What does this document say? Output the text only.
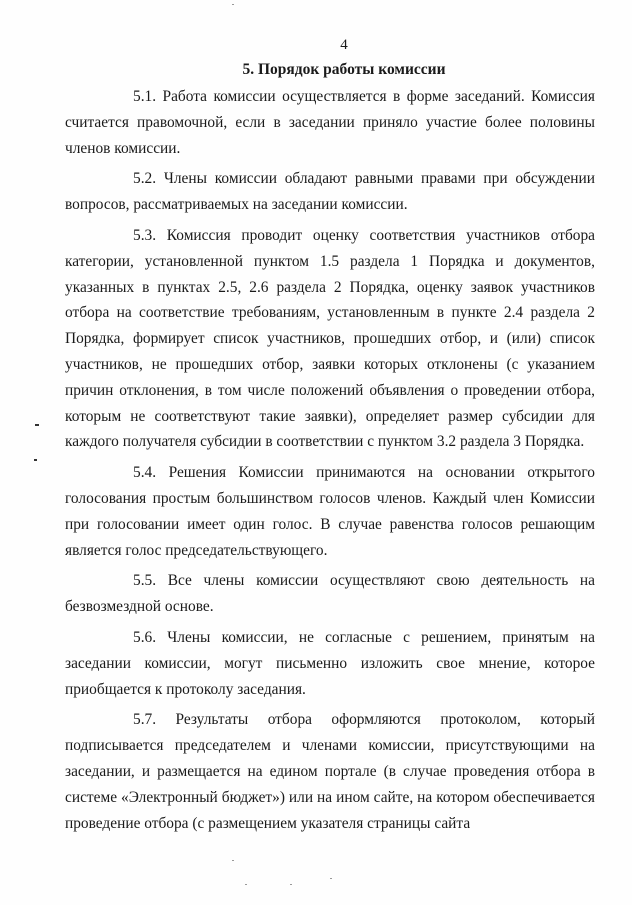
4
5. Порядок работы комиссии

5.1. Работа комиссии осуществляется в форме заседаний. Комиссия считается правомочной, если в заседании приняло участие более половины членов комиссии.

5.2. Члены комиссии обладают равными правами при обсуждении вопросов, рассматриваемых на заседании комиссии.

5.3. Комиссия проводит оценку соответствия участников отбора категории, установленной пунктом 1.5 раздела 1 Порядка и документов, указанных в пунктах 2.5, 2.6 раздела 2 Порядка, оценку заявок участников отбора на соответствие требованиям, установленным в пункте 2.4 раздела 2 Порядка, формирует список участников, прошедших отбор, и (или) список участников, не прошедших отбор, заявки которых отклонены (с указанием причин отклонения, в том числе положений объявления о проведении отбора, которым не соответствуют такие заявки), определяет размер субсидии для каждого получателя субсидии в соответствии с пунктом 3.2 раздела 3 Порядка.

5.4. Решения Комиссии принимаются на основании открытого голосования простым большинством голосов членов. Каждый член Комиссии при голосовании имеет один голос. В случае равенства голосов решающим является голос председательствующего.

5.5. Все члены комиссии осуществляют свою деятельность на безвозмездной основе.

5.6. Члены комиссии, не согласные с решением, принятым на заседании комиссии, могут письменно изложить свое мнение, которое приобщается к протоколу заседания.

5.7. Результаты отбора оформляются протоколом, который подписывается председателем и членами комиссии, присутствующими на заседании, и размещается на едином портале (в случае проведения отбора в системе «Электронный бюджет») или на ином сайте, на котором обеспечивается проведение отбора (с размещением указателя страницы сайта
